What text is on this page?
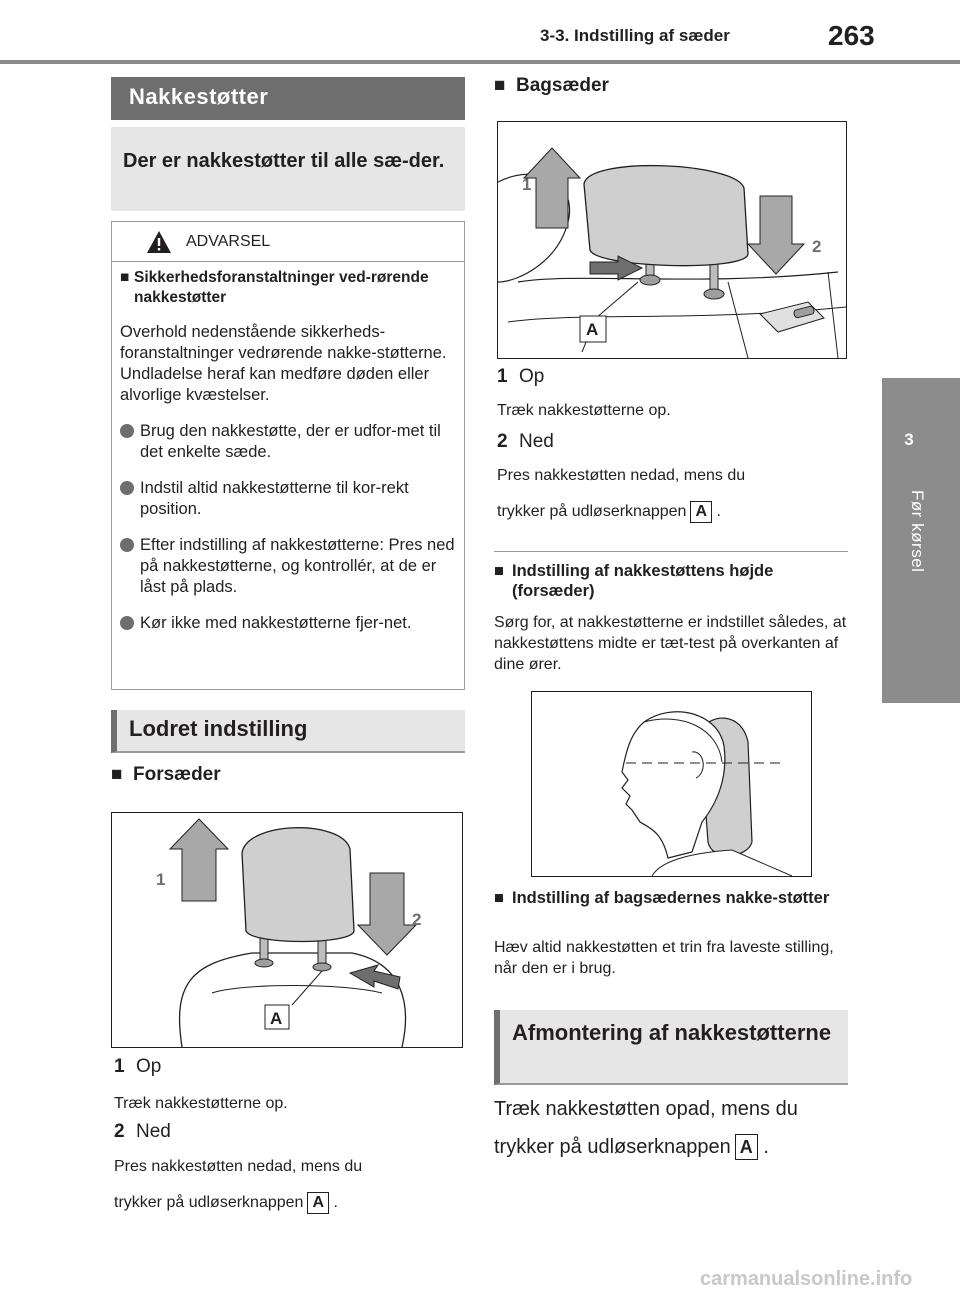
3-3. Indstilling af sæder	263
3
Før kørsel
Nakkestøtter
Der er nakkestøtter til alle sæ-der.
ADVARSEL
■ Sikkerhedsforanstaltninger ved-rørende nakkestøtter
Overhold nedenstående sikkerheds-foranstaltninger vedrørende nakke-støtterne.
Undladelse heraf kan medføre døden eller alvorlige kvæstelser.
Brug den nakkestøtte, der er udfor-met til det enkelte sæde.
Indstil altid nakkestøtterne til kor-rekt position.
Efter indstilling af nakkestøtterne: Pres ned på nakkestøtterne, og kontrollér, at de er låst på plads.
Kør ikke med nakkestøtterne fjer-net.
Lodret indstilling
■ Forsæder
1
2
A
1 Op
Træk nakkestøtterne op.
2 Ned
Pres nakkestøtten nedad, mens du
trykker på udløserknappen A .
■ Bagsæder
1
2
A
1 Op
Træk nakkestøtterne op.
2 Ned
Pres nakkestøtten nedad, mens du
trykker på udløserknappen A .
■ Indstilling af nakkestøttens højde (forsæder)
Sørg for, at nakkestøtterne er indstillet således, at nakkestøttens midte er tæt-test på overkanten af dine ører.
■ Indstilling af bagsædernes nakke-støtter
Hæv altid nakkestøtten et trin fra laveste stilling, når den er i brug.
Afmontering af nakkestøtterne
Træk nakkestøtten opad, mens du
trykker på udløserknappen A .
carmanualsonline.info
